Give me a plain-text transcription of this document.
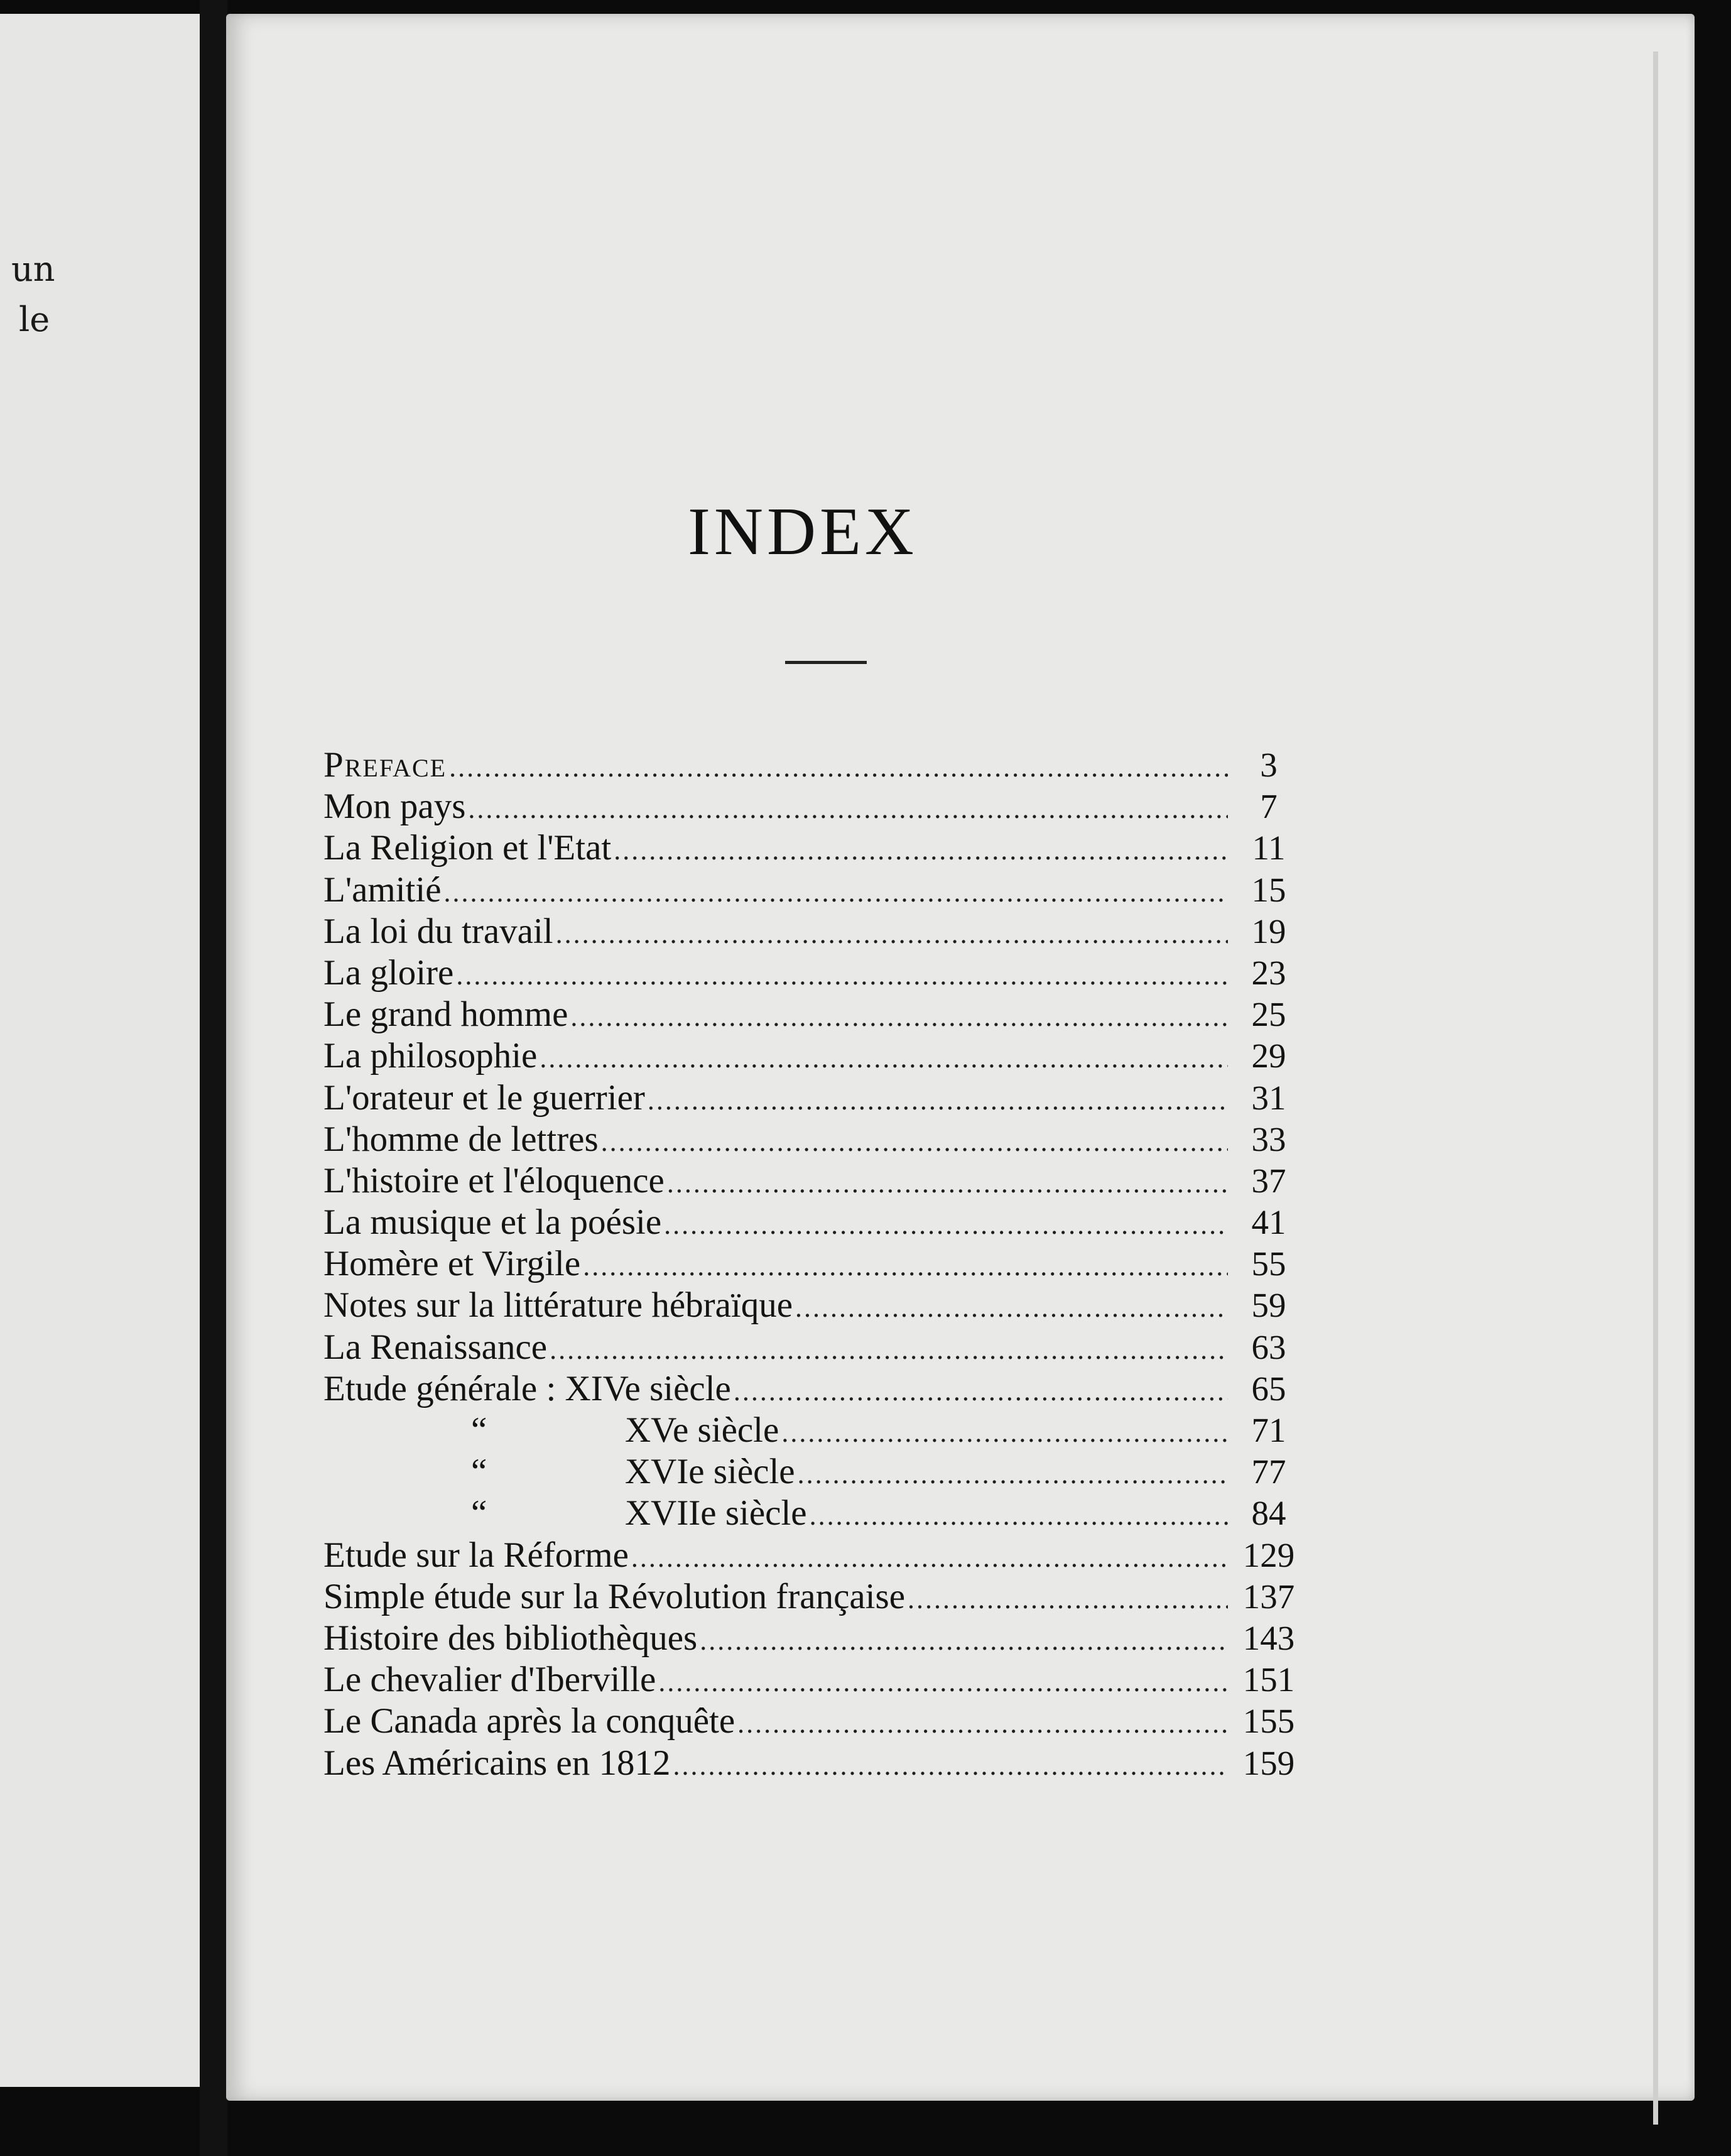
un
le
INDEX
Preface .....	3
Mon pays .....	7
La Religion et l'Etat .....	11
L'amitié .....	15
La loi du travail .....	19
La gloire .....	23
Le grand homme .....	25
La philosophie .....	29
L'orateur et le guerrier .....	31
L'homme de lettres .....	33
L'histoire et l'éloquence .....	37
La musique et la poésie .....	41
Homère et Virgile .....	55
Notes sur la littérature hébraïque .....	59
La Renaissance .....	63
Etude générale : XIVe siècle .....	65
“	XVe siècle .....	71
“	XVIe siècle .....	77
“	XVIIe siècle .....	84
Etude sur la Réforme .....	129
Simple étude sur la Révolution française .....	137
Histoire des bibliothèques .....	143
Le chevalier d'Iberville .....	151
Le Canada après la conquête .....	155
Les Américains en 1812 .....	159
